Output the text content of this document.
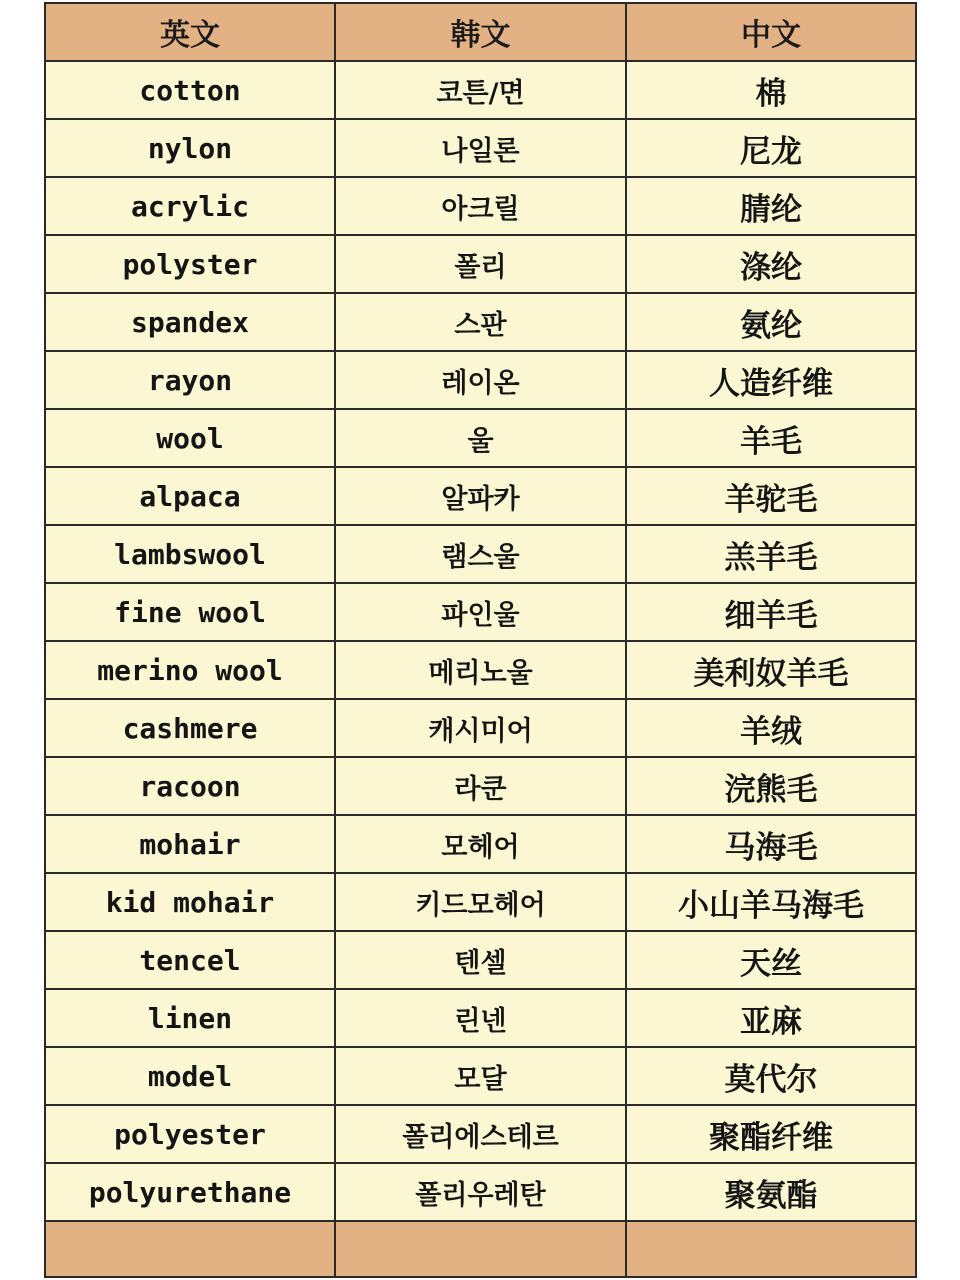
英文	韩文	中文
cotton	코튼/면	棉
nylon	나일론	尼龙
acrylic	아크릴	腈纶
polyster	폴리	涤纶
spandex	스판	氨纶
rayon	레이온	人造纤维
wool	울	羊毛
alpaca	알파카	羊驼毛
lambswool	램스울	羔羊毛
fine wool	파인울	细羊毛
merino wool	메리노울	美利奴羊毛
cashmere	캐시미어	羊绒
racoon	라쿤	浣熊毛
mohair	모헤어	马海毛
kid mohair	키드모헤어	小山羊马海毛
tencel	텐셀	天丝
linen	린넨	亚麻
model	모달	莫代尔
polyester	폴리에스테르	聚酯纤维
polyurethane	폴리우레탄	聚氨酯
